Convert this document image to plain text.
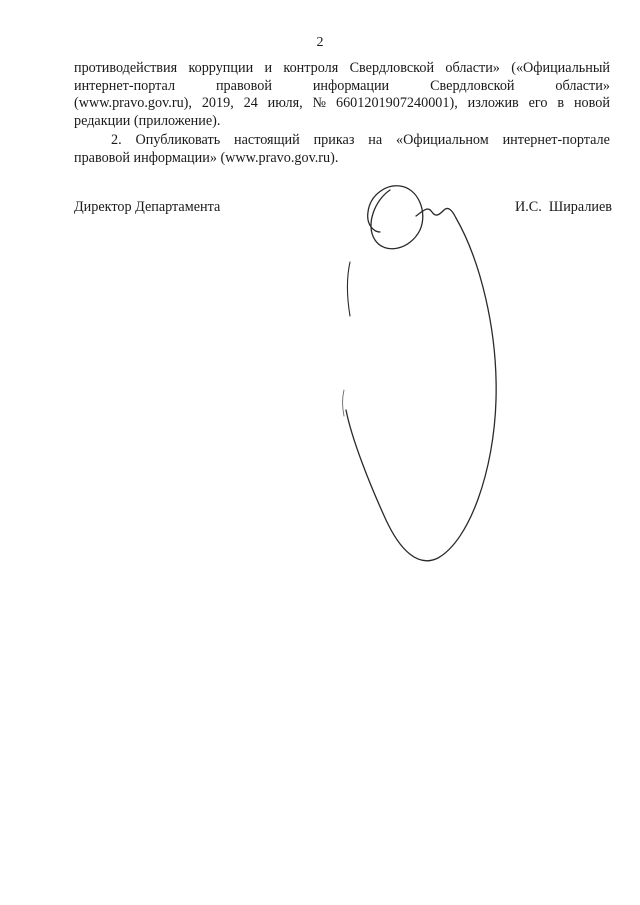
2
противодействия коррупции и контроля Свердловской области» («Официальный
интернет-портал	правовой	информации	Свердловской	области»
(www.pravo.gov.ru), 2019, 24 июля, № 6601201907240001), изложив его в новой
редакции (приложение).
2. Опубликовать настоящий приказ на «Официальном интернет-портале
правовой информации» (www.pravo.gov.ru).
Директор Департамента	И.С.  Ширалиев
